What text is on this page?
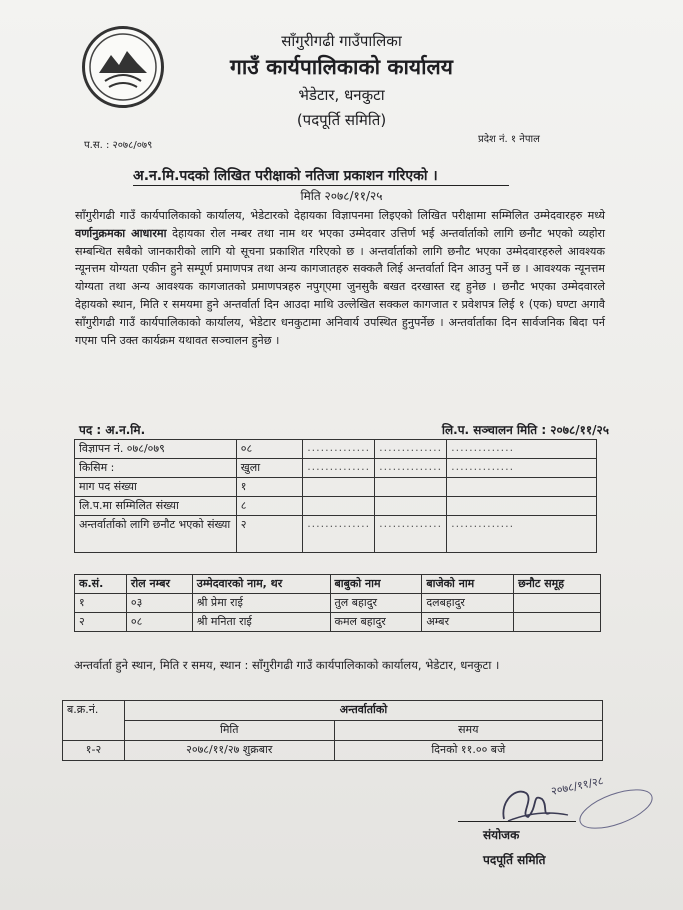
साँगुरीगढी गाउँपालिका
गाउँ कार्यपालिकाको कार्यालय
भेडेटार, धनकुटा
(पदपूर्ति समिति)
प.स. : २०७८/०७९
प्रदेश नं. १ नेपाल
अ.न.मि.पदको लिखित परीक्षाको नतिजा प्रकाशन गरिएको ।
मिति २०७८/११/२५

साँगुरीगढी गाउँ कार्यपालिकाको कार्यालय, भेडेटारको देहायका विज्ञापनमा लिइएको लिखित परीक्षामा सम्मिलित उम्मेदवारहरु मध्ये वर्णानुक्रमका आधारमा देहायका रोल नम्बर तथा नाम थर भएका उम्मेदवार उत्तिर्ण भई अन्तर्वार्ताको लागि छनौट भएको व्यहोरा सम्बन्धित सबैको जानकारीको लागि यो सूचना प्रकाशित गरिएको छ । अन्तर्वार्ताको लागि छनौट भएका उम्मेदवारहरुले आवश्यक न्यूनत्तम योग्यता एकीन हुने सम्पूर्ण प्रमाणपत्र तथा अन्य कागजातहरु सक्कलै लिई अन्तर्वार्ता दिन आउनु पर्ने छ । आवश्यक न्यूनत्तम योग्यता तथा अन्य आवश्यक कागजातको प्रमाणपत्रहरु नपुग्एमा जुनसुकै बखत दरखास्त रद्द हुनेछ । छनौट भएका उम्मेदवारले देहायको स्थान, मिति र समयमा हुने अन्तर्वार्ता दिन आउदा माथि उल्लेखित सक्कल कागजात र प्रवेशपत्र लिई १ (एक) घण्टा अगावै साँगुरीगढी गाउँ कार्यपालिकाको कार्यालय, भेडेटार धनकुटामा अनिवार्य उपस्थित हुनुपर्नेछ । अन्तर्वार्ताका दिन सार्वजनिक बिदा पर्न गएमा पनि उक्त कार्यक्रम यथावत सञ्चालन हुनेछ ।

पद : अ.न.मि.	लि.प. सञ्चालन मिति : २०७८/११/२५
विज्ञापन नं. ०७८/०७९	०८	..............	..............	..............
किसिम :	खुला	..............	..............	..............
माग पद संख्या	१			
लि.प.मा सम्मिलित संख्या	८			
अन्तर्वार्ताको लागि छनौट भएको संख्या	२	..............	..............	..............
क.सं.	रोल नम्बर	उम्मेदवारको नाम, थर	बाबुको नाम	बाजेको नाम	छनौट समूह
१	०३	श्री प्रेमा राई	तुल बहादुर	दलबहादुर	
२	०८	श्री मनिता राई	कमल बहादुर	अम्बर	
अन्तर्वार्ता हुने स्थान, मिति र समय, स्थान : साँगुरीगढी गाउँ कार्यपालिकाको कार्यालय, भेडेटार, धनकुटा ।
ब.क्र.नं.	अन्तर्वार्ताको	
	मिति	समय
१-२	२०७८/११/२७ शुक्रबार	दिनको ११.०० बजे
२०७८/११/२८
संयोजक
पदपूर्ति समिति
